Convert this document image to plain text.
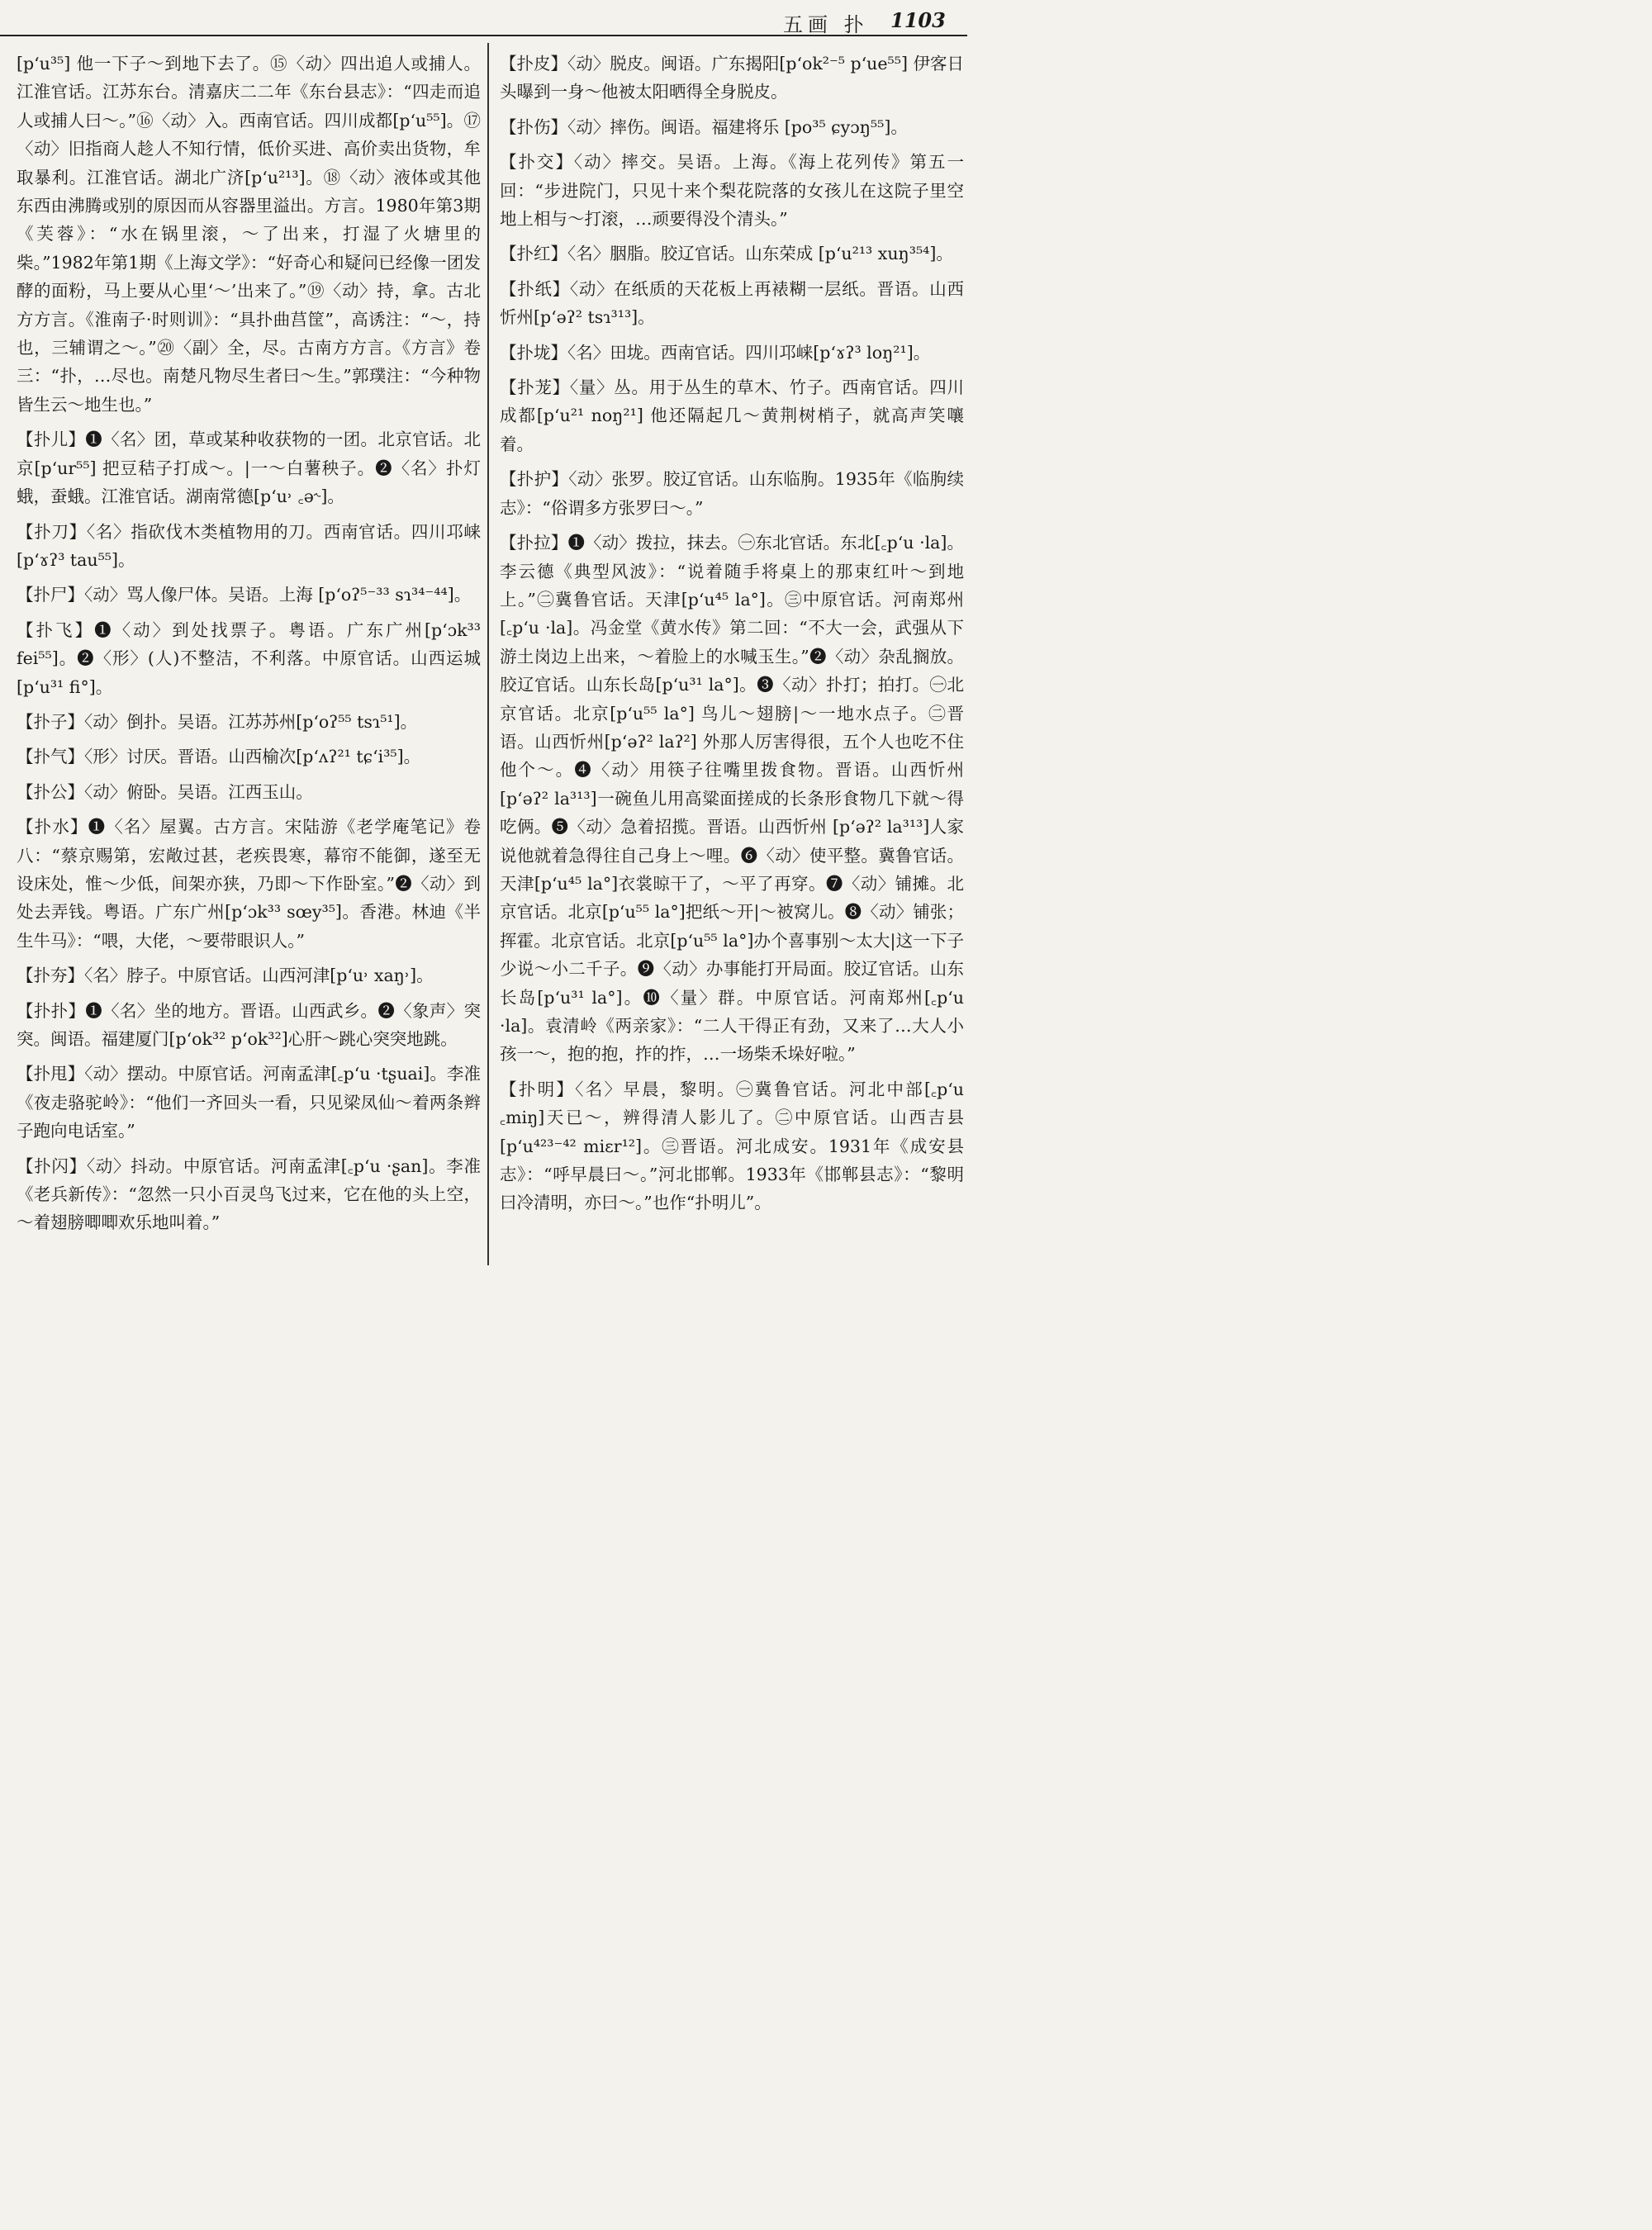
五画 扑 1103

[pʻu³⁵] 他一下子～到地下去了。⑮〈动〉四出追人或捕人。江淮官话。江苏东台。清嘉庆二二年《东台县志》：“四走而追人或捕人曰～。”⑯〈动〉入。西南官话。四川成都[pʻu⁵⁵]。⑰〈动〉旧指商人趁人不知行情，低价买进、高价卖出货物，牟取暴利。江淮官话。湖北广济[pʻu²¹³]。⑱〈动〉液体或其他东西由沸腾或别的原因而从容器里溢出。方言。1980年第3期《芙蓉》：“水在锅里滚，～了出来，打湿了火塘里的柴。”1982年第1期《上海文学》：“好奇心和疑问已经像一团发酵的面粉，马上要从心里‘～’出来了。”⑲〈动〉持，拿。古北方方言。《淮南子·时则训》：“具扑曲莒筐”，高诱注：“～，持也，三辅谓之～。”⑳〈副〉全，尽。古南方方言。《方言》卷三：“扑，…尽也。南楚凡物尽生者曰～生。”郭璞注：“今种物皆生云～地生也。”

【扑儿】❶〈名〉团，草或某种收获物的一团。北京官话。北京[pʻur⁵⁵] 把豆秸子打成～。|一～白薯秧子。❷〈名〉扑灯蛾，蚕蛾。江淮官话。湖南常德[pʻu˒ ꜀ə˞]。

【扑刀】〈名〉指砍伐木类植物用的刀。西南官话。四川邛崃[pʻɤʔ³ tau⁵⁵]。

【扑尸】〈动〉骂人像尸体。吴语。上海 [pʻoʔ⁵⁻³³ sɿ³⁴⁻⁴⁴]。

【扑飞】❶〈动〉到处找票子。粤语。广东广州[pʻɔk³³ fei⁵⁵]。❷〈形〉(人)不整洁，不利落。中原官话。山西运城[pʻu³¹ fi°]。

【扑子】〈动〉倒扑。吴语。江苏苏州[pʻoʔ⁵⁵ tsɿ⁵¹]。

【扑气】〈形〉讨厌。晋语。山西榆次[pʻʌʔ²¹ tɕʻi³⁵]。

【扑公】〈动〉俯卧。吴语。江西玉山。

【扑水】❶〈名〉屋翼。古方言。宋陆游《老学庵笔记》卷八：“蔡京赐第，宏敞过甚，老疾畏寒，幕帘不能御，遂至无设床处，惟～少低，间架亦狭，乃即～下作卧室。”❷〈动〉到处去弄钱。粤语。广东广州[pʻɔk³³ sœy³⁵]。香港。林迪《半生牛马》：“喂，大佬，～要带眼识人。”

【扑夯】〈名〉脖子。中原官话。山西河津[pʻu˒ xaŋ˒]。

【扑扑】❶〈名〉坐的地方。晋语。山西武乡。❷〈象声〉突突。闽语。福建厦门[pʻok³² pʻok³²]心肝～跳心突突地跳。

【扑甩】〈动〉摆动。中原官话。河南孟津[꜀pʻu ·tʂuai]。李准《夜走骆驼岭》：“他们一齐回头一看，只见梁凤仙～着两条辫子跑向电话室。”

【扑闪】〈动〉抖动。中原官话。河南孟津[꜀pʻu ·ʂan]。李准《老兵新传》：“忽然一只小百灵鸟飞过来，它在他的头上空，～着翅膀唧唧欢乐地叫着。”

【扑皮】〈动〉脱皮。闽语。广东揭阳[pʻok²⁻⁵ pʻue⁵⁵] 伊客日头曝到一身～他被太阳晒得全身脱皮。

【扑伤】〈动〉摔伤。闽语。福建将乐 [po³⁵ ɕyɔŋ⁵⁵]。

【扑交】〈动〉摔交。吴语。上海。《海上花列传》第五一回：“步进院门，只见十来个梨花院落的女孩儿在这院子里空地上相与～打滚，…顽要得没个清头。”

【扑红】〈名〉胭脂。胶辽官话。山东荣成 [pʻu²¹³ xuŋ³⁵⁴]。

【扑纸】〈动〉在纸质的天花板上再裱糊一层纸。晋语。山西忻州[pʻəʔ² tsɿ³¹³]。

【扑垅】〈名〉田垅。西南官话。四川邛崃[pʻɤʔ³ loŋ²¹]。

【扑茏】〈量〉丛。用于丛生的草木、竹子。西南官话。四川成都[pʻu²¹ noŋ²¹] 他还隔起几～黄荆树梢子，就高声笑嚷着。

【扑护】〈动〉张罗。胶辽官话。山东临朐。1935年《临朐续志》：“俗谓多方张罗曰～。”

【扑拉】❶〈动〉拨拉，抹去。㊀东北官话。东北[꜀pʻu ·la]。李云德《典型风波》：“说着随手将桌上的那束红叶～到地上。”㊁冀鲁官话。天津[pʻu⁴⁵ la°]。㊂中原官话。河南郑州[꜀pʻu ·la]。冯金堂《黄水传》第二回：“不大一会，武强从下游土岗边上出来，～着脸上的水喊玉生。”❷〈动〉杂乱搁放。胶辽官话。山东长岛[pʻu³¹ la°]。❸〈动〉扑打；拍打。㊀北京官话。北京[pʻu⁵⁵ la°] 鸟儿～翅膀|～一地水点子。㊁晋语。山西忻州[pʻəʔ² laʔ²] 外那人厉害得很，五个人也吃不住他个～。❹〈动〉用筷子往嘴里拨食物。晋语。山西忻州 [pʻəʔ² la³¹³]一碗鱼儿用高粱面搓成的长条形食物几下就～得吃俩。❺〈动〉急着招揽。晋语。山西忻州 [pʻəʔ² la³¹³]人家说他就着急得往自己身上～哩。❻〈动〉使平整。冀鲁官话。天津[pʻu⁴⁵ la°]衣裳晾干了，～平了再穿。❼〈动〉铺摊。北京官话。北京[pʻu⁵⁵ la°]把纸～开|～被窝儿。❽〈动〉铺张；挥霍。北京官话。北京[pʻu⁵⁵ la°]办个喜事别～太大|这一下子少说～小二千子。❾〈动〉办事能打开局面。胶辽官话。山东长岛[pʻu³¹ la°]。❿〈量〉群。中原官话。河南郑州[꜀pʻu ·la]。袁清岭《两亲家》：“二人干得正有劲，又来了…大人小孩一～，抱的抱，拃的拃，…一场柴禾垛好啦。”

【扑明】〈名〉早晨，黎明。㊀冀鲁官话。河北中部[꜀pʻu ꜀miŋ]天已～，辨得清人影儿了。㊁中原官话。山西吉县[pʻu⁴²³⁻⁴² miɛr¹²]。㊂晋语。河北成安。1931年《成安县志》：“呼早晨曰～。”河北邯郸。1933年《邯郸县志》：“黎明曰冷清明，亦曰～。”也作“扑明儿”。
